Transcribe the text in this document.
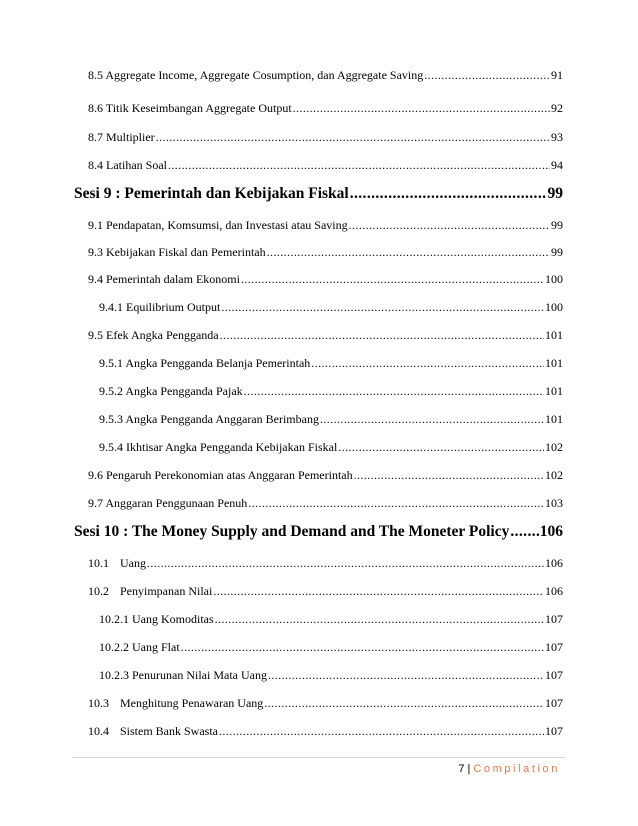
8.5 Aggregate Income, Aggregate Cosumption, dan Aggregate Saving .....	91
8.6 Titik Keseimbangan Aggregate Output .....	92
8.7 Multiplier .....	93
8.4 Latihan Soal .....	94
Sesi 9 : Pemerintah dan Kebijakan Fiskal .....	99
9.1 Pendapatan, Komsumsi, dan Investasi atau Saving .....	99
9.3 Kebijakan Fiskal dan Pemerintah .....	99
9.4 Pemerintah dalam Ekonomi .....	100
9.4.1 Equilibrium Output .....	100
9.5 Efek Angka Pengganda .....	101
9.5.1 Angka Pengganda Belanja Pemerintah .....	101
9.5.2 Angka Pengganda Pajak .....	101
9.5.3 Angka Pengganda Anggaran Berimbang .....	101
9.5.4 Ikhtisar Angka Pengganda Kebijakan Fiskal .....	102
9.6 Pengaruh Perekonomian atas Anggaran Pemerintah .....	102
9.7 Anggaran Penggunaan Penuh .....	103
Sesi 10 : The Money Supply and Demand and The Moneter Policy ..... 106
10.1 Uang .....	106
10.2 Penyimpanan Nilai .....	106
10.2.1 Uang Komoditas .....	107
10.2.2 Uang Flat .....	107
10.2.3 Penurunan Nilai Mata Uang .....	107
10.3 Menghitung Penawaran Uang .....	107
10.4 Sistem Bank Swasta .....	107
7 | Compilation
